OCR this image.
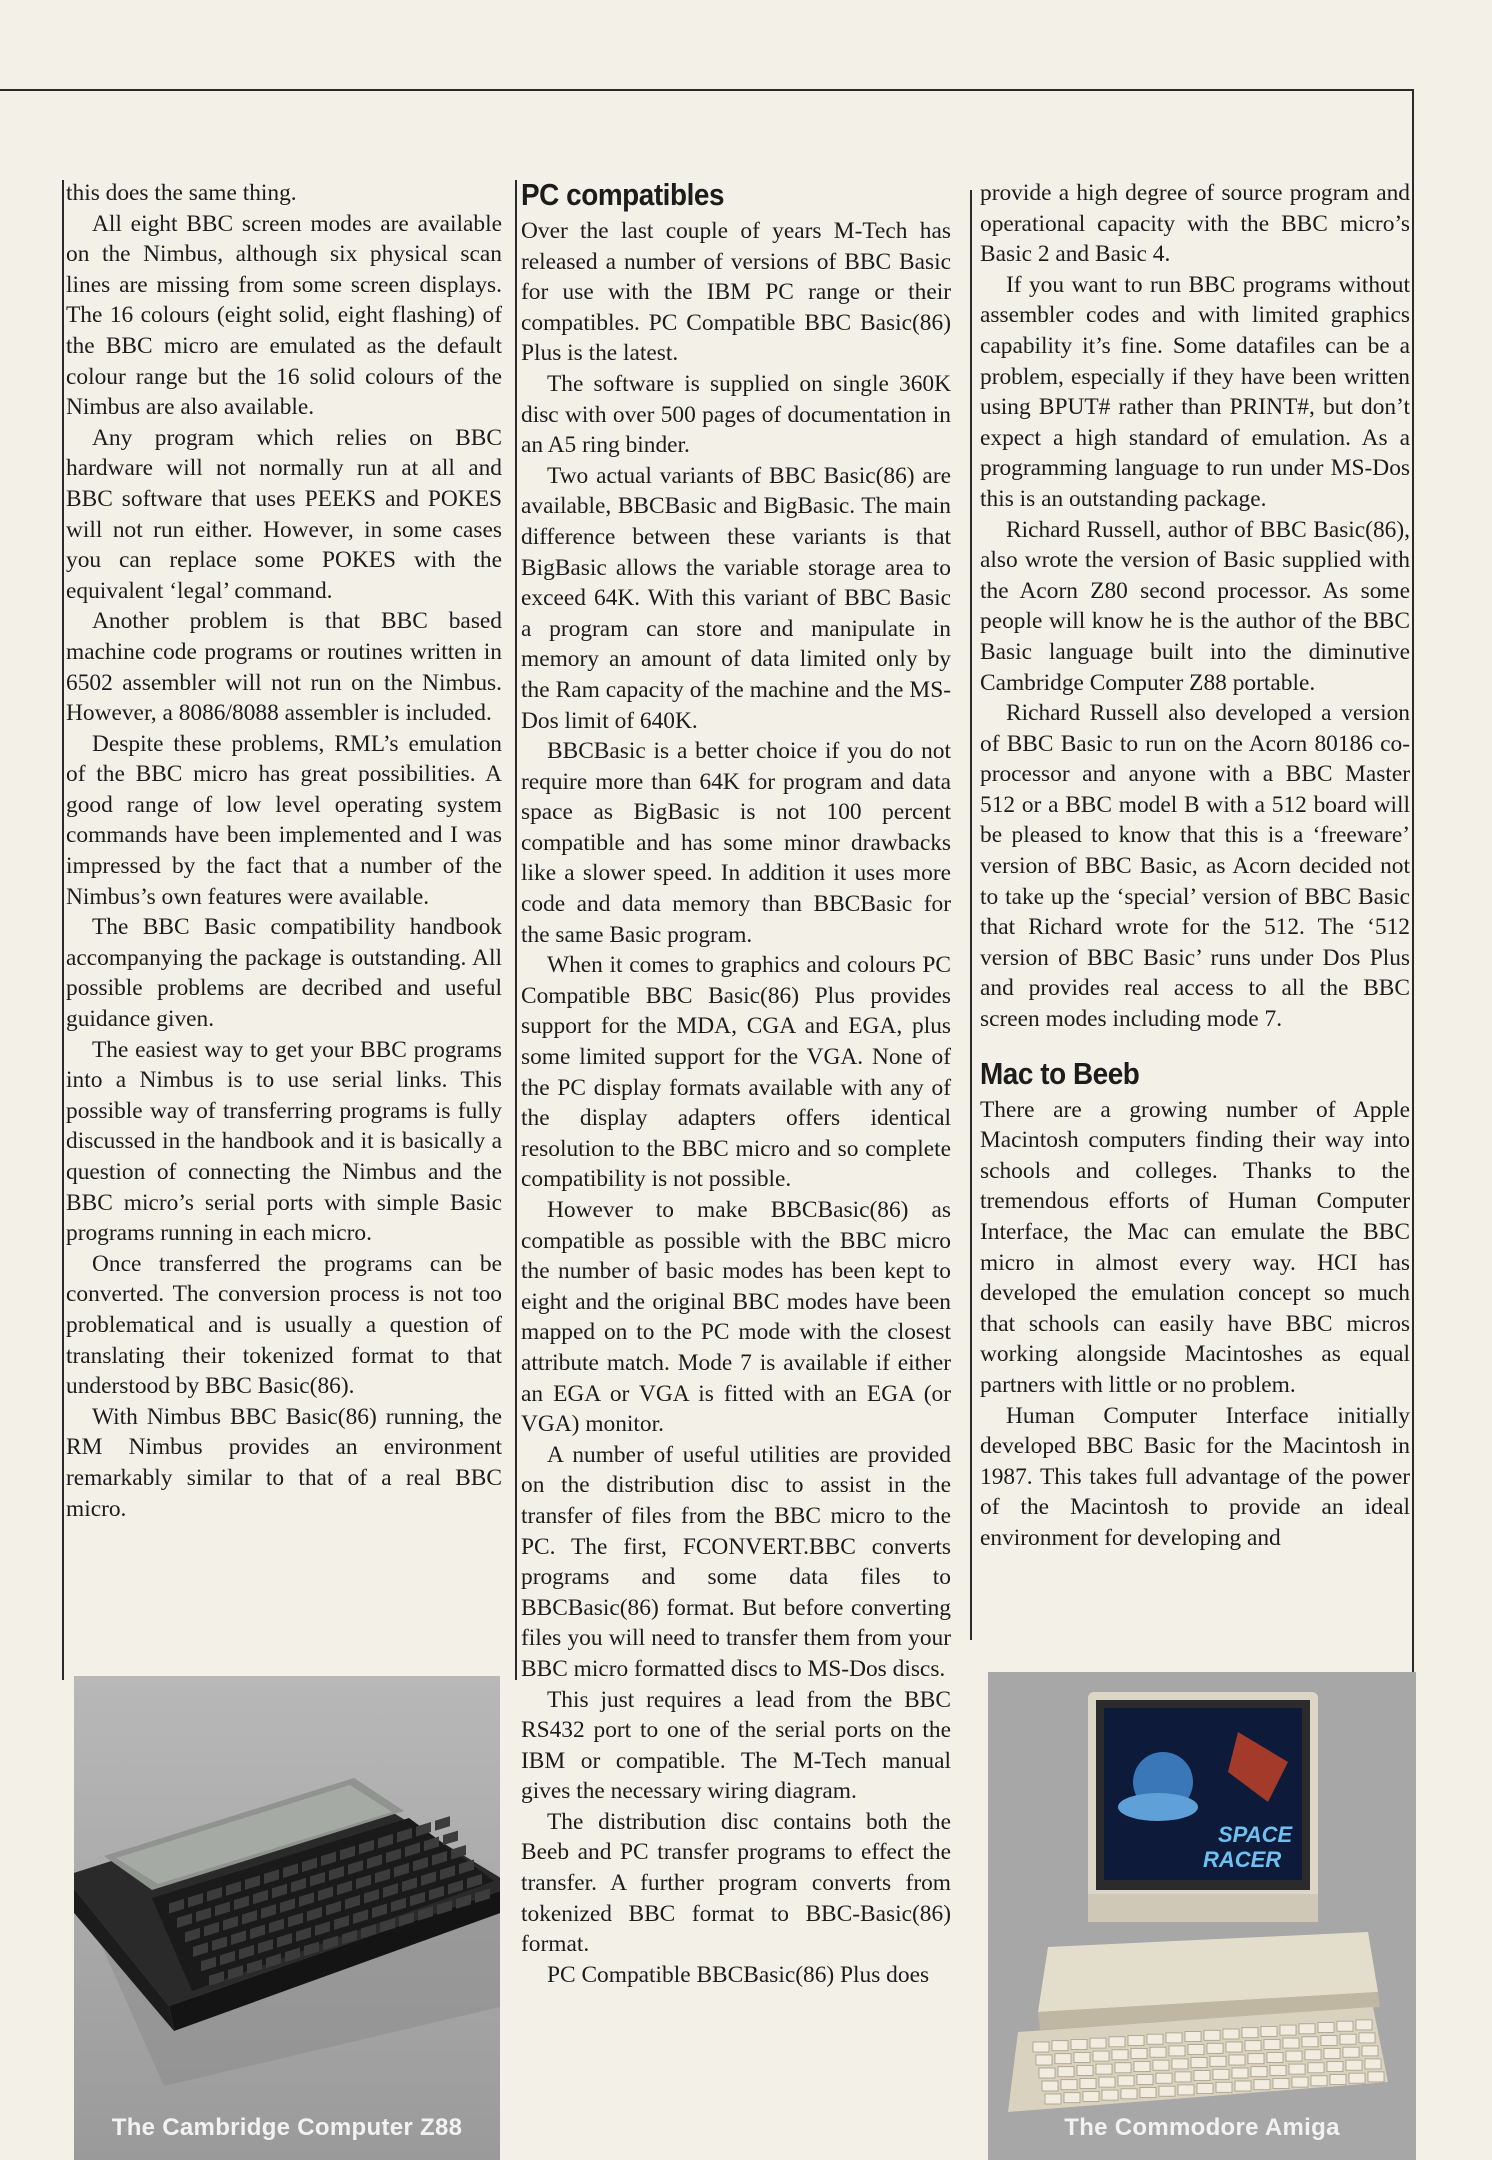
this does the same thing.

All eight BBC screen modes are available on the Nimbus, although six physical scan lines are missing from some screen displays. The 16 colours (eight solid, eight flashing) of the BBC micro are emulated as the default colour range but the 16 solid colours of the Nimbus are also available.

Any program which relies on BBC hardware will not normally run at all and BBC software that uses PEEKS and POKES will not run either. However, in some cases you can replace some POKES with the equivalent ‘legal’ command.

Another problem is that BBC based machine code programs or routines written in 6502 assembler will not run on the Nimbus. However, a 8086/8088 assembler is included.

Despite these problems, RML’s emulation of the BBC micro has great possibilities. A good range of low level operating system commands have been implemented and I was impressed by the fact that a number of the Nimbus’s own features were available.

The BBC Basic compatibility handbook accompanying the package is outstanding. All possible problems are decribed and useful guidance given.

The easiest way to get your BBC programs into a Nimbus is to use serial links. This possible way of transferring programs is fully discussed in the handbook and it is basically a question of connecting the Nimbus and the BBC micro’s serial ports with simple Basic programs running in each micro.

Once transferred the programs can be converted. The conversion process is not too problematical and is usually a question of translating their tokenized format to that understood by BBC Basic(86).

With Nimbus BBC Basic(86) running, the RM Nimbus provides an environment remarkably similar to that of a real BBC micro.

The Cambridge Computer Z88
PC compatibles

Over the last couple of years M-Tech has released a number of versions of BBC Basic for use with the IBM PC range or their compatibles. PC Compatible BBC Basic(86) Plus is the latest.

The software is supplied on single 360K disc with over 500 pages of documentation in an A5 ring binder.

Two actual variants of BBC Basic(86) are available, BBCBasic and BigBasic. The main difference between these variants is that BigBasic allows the variable storage area to exceed 64K. With this variant of BBC Basic a program can store and manipulate in memory an amount of data limited only by the Ram capacity of the machine and the MS-Dos limit of 640K.

BBCBasic is a better choice if you do not require more than 64K for program and data space as BigBasic is not 100 percent compatible and has some minor drawbacks like a slower speed. In addition it uses more code and data memory than BBCBasic for the same Basic program.

When it comes to graphics and colours PC Compatible BBC Basic(86) Plus provides support for the MDA, CGA and EGA, plus some limited support for the VGA. None of the PC display formats available with any of the display adapters offers identical resolution to the BBC micro and so complete compatibility is not possible.

However to make BBCBasic(86) as compatible as possible with the BBC micro the number of basic modes has been kept to eight and the original BBC modes have been mapped on to the PC mode with the closest attribute match. Mode 7 is available if either an EGA or VGA is fitted with an EGA (or VGA) monitor.

A number of useful utilities are provided on the distribution disc to assist in the transfer of files from the BBC micro to the PC. The first, FCONVERT.BBC converts programs and some data files to BBCBasic(86) format. But before converting files you will need to transfer them from your BBC micro formatted discs to MS-Dos discs.

This just requires a lead from the BBC RS432 port to one of the serial ports on the IBM or compatible. The M-Tech manual gives the necessary wiring diagram.

The distribution disc contains both the Beeb and PC transfer programs to effect the transfer. A further program converts from tokenized BBC format to BBC-Basic(86) format.

PC Compatible BBCBasic(86) Plus does

provide a high degree of source program and operational capacity with the BBC micro’s Basic 2 and Basic 4.

If you want to run BBC programs without assembler codes and with limited graphics capability it’s fine. Some datafiles can be a problem, especially if they have been written using BPUT# rather than PRINT#, but don’t expect a high standard of emulation. As a programming language to run under MS-Dos this is an outstanding package.

Richard Russell, author of BBC Basic(86), also wrote the version of Basic supplied with the Acorn Z80 second processor. As some people will know he is the author of the BBC Basic language built into the diminutive Cambridge Computer Z88 portable.

Richard Russell also developed a version of BBC Basic to run on the Acorn 80186 co-processor and anyone with a BBC Master 512 or a BBC model B with a 512 board will be pleased to know that this is a ‘freeware’ version of BBC Basic, as Acorn decided not to take up the ‘special’ version of BBC Basic that Richard wrote for the 512. The ‘512 version of BBC Basic’ runs under Dos Plus and provides real access to all the BBC screen modes including mode 7.

Mac to Beeb

There are a growing number of Apple Macintosh computers finding their way into schools and colleges. Thanks to the tremendous efforts of Human Computer Interface, the Mac can emulate the BBC micro in almost every way. HCI has developed the emulation concept so much that schools can easily have BBC micros working alongside Macintoshes as equal partners with little or no problem.

Human Computer Interface initially developed BBC Basic for the Macintosh in 1987. This takes full advantage of the power of the Macintosh to provide an ideal environment for developing and

SPACE
RACER
The Commodore Amiga
